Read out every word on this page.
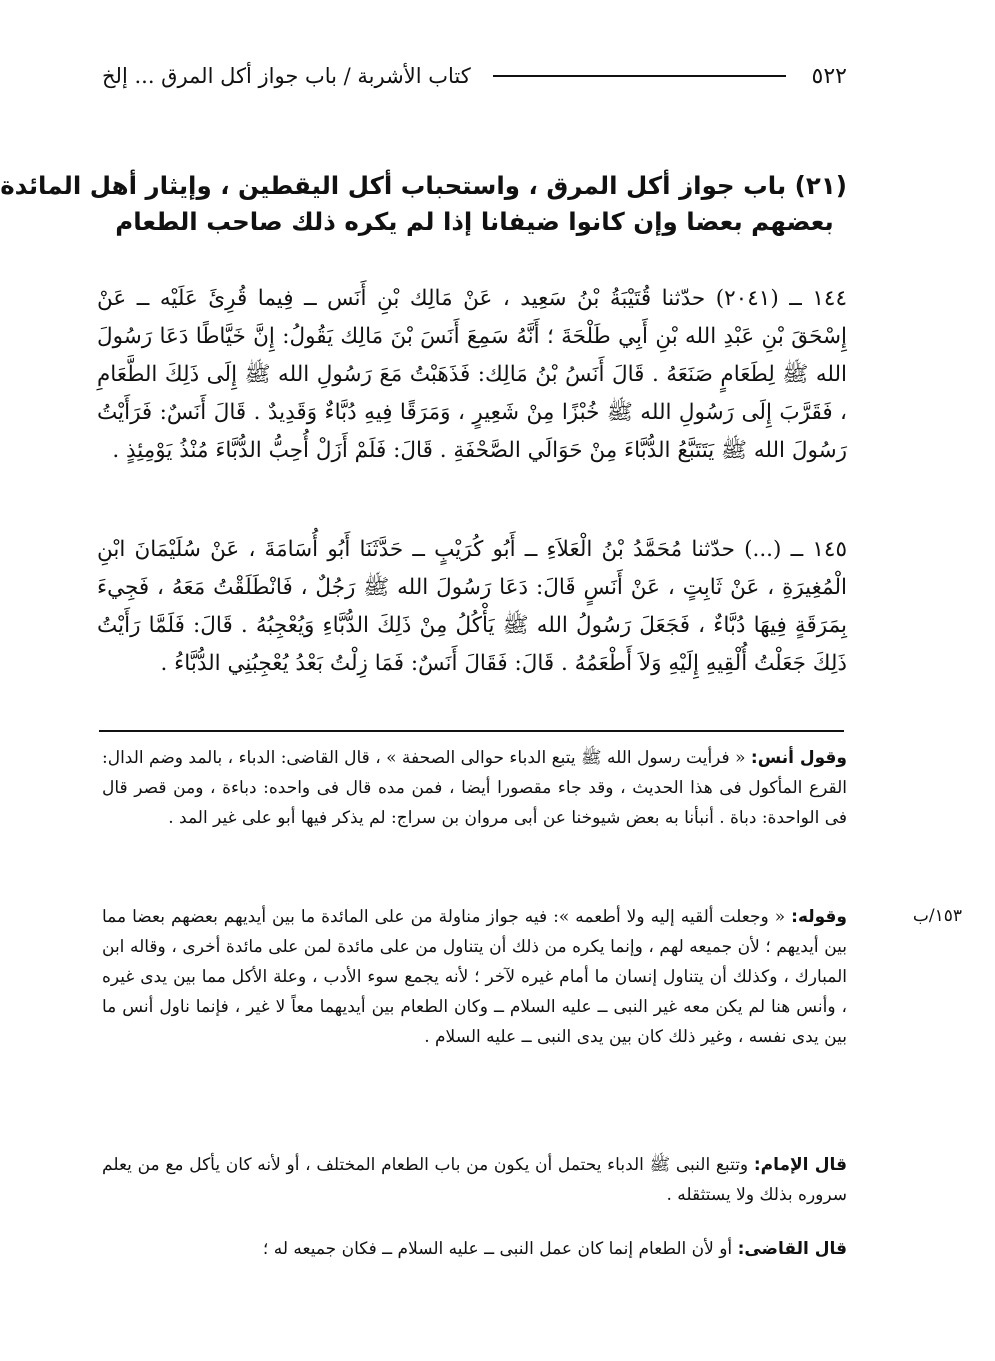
٥٢٢
كتاب الأشربة / باب جواز أكل المرق ... إلخ
(٢١) باب جواز أكل المرق ، واستحباب أكل اليقطين ، وإيثار أهل المائدة
بعضهم بعضا وإن كانوا ضيفانا إذا لم يكره ذلك صاحب الطعام

١٤٤ ــ (٢٠٤١) حدّثنا قُتَيْبَةُ بْنُ سَعِيد ، عَنْ مَالِك بْنِ أَنَس ــ فِيما قُرِئَ عَلَيْه ــ عَنْ إِسْحَقَ بْنِ عَبْدِ الله بْنِ أَبِي طَلْحَةَ ؛ أَنَّهُ سَمِعَ أَنَسَ بْنَ مَالِك يَقُولُ: إِنَّ خَيَّاطًا دَعَا رَسُولَ الله ﷺ لِطَعَامٍ صَنَعَهُ . قَالَ أَنَسُ بْنُ مَالِك: فَذَهَبْتُ مَعَ رَسُولِ الله ﷺ إِلَى ذَلِكَ الطَّعَامِ ، فَقَرَّبَ إِلَى رَسُولِ الله ﷺ خُبْزًا مِنْ شَعِيرٍ ، وَمَرَقًا فِيهِ دُبَّاءٌ وَقَدِيدٌ . قَالَ أَنَسٌ: فَرَأَيْتُ رَسُولَ الله ﷺ يَتَتَبَّعُ الدُّبَّاءَ مِنْ حَوَالَي الصَّحْفَةِ . قَالَ: فَلَمْ أَزَلْ أُحِبُّ الدُّبَّاءَ مُنْذُ يَوْمِئِذٍ .

١٤٥ ــ (...) حدّثنا مُحَمَّدُ بْنُ الْعَلاَءِ ــ أَبُو كُرَيْبٍ ــ حَدَّثَنَا أَبُو أُسَامَةَ ، عَنْ سُلَيْمَانَ ابْنِ الْمُغِيرَةِ ، عَنْ ثَابِتٍ ، عَنْ أَنَسٍ قَالَ: دَعَا رَسُولَ الله ﷺ رَجُلٌ ، فَانْطَلَقْتُ مَعَهُ ، فَجِيءَ بِمَرَقَةٍ فِيهَا دُبَّاءٌ ، فَجَعَلَ رَسُولُ الله ﷺ يَأْكُلُ مِنْ ذَلِكَ الدُّبَّاءِ وَيُعْجِبُهُ . قَالَ: فَلَمَّا رَأَيْتُ ذَلِكَ جَعَلْتُ أُلْقِيهِ إِلَيْهِ وَلاَ أَطْعَمُهُ . قَالَ: فَقَالَ أَنَسٌ: فَمَا زِلْتُ بَعْدُ يُعْجِبُنِي الدُّبَّاءُ .

وقول أنس: « فرأيت رسول الله ﷺ يتبع الدباء حوالى الصحفة » ، قال القاضى: الدباء ، بالمد وضم الدال: القرع المأكول فى هذا الحديث ، وقد جاء مقصورا أيضا ، فمن مده قال فى واحده: دباءة ، ومن قصر قال فى الواحدة: دباة . أنبأنا به بعض شيوخنا عن أبى مروان بن سراج: لم يذكر فيها أبو على غير المد .

١٥٣/ب

وقوله: « وجعلت ألقيه إليه ولا أطعمه »: فيه جواز مناولة من على المائدة ما بين أيديهم بعضهم بعضا مما بين أيديهم ؛ لأن جميعه لهم ، وإنما يكره من ذلك أن يتناول من على مائدة لمن على مائدة أخرى ، وقاله ابن المبارك ، وكذلك أن يتناول إنسان ما أمام غيره لآخر ؛ لأنه يجمع سوء الأدب ، وعلة الأكل مما بين يدى غيره ، وأنس هنا لم يكن معه غير النبى ــ عليه السلام ــ وكان الطعام بين أيديهما معاً لا غير ، فإنما ناول أنس ما بين يدى نفسه ، وغير ذلك كان بين يدى النبى ــ عليه السلام .

قال الإمام: وتتبع النبى ﷺ الدباء يحتمل أن يكون من باب الطعام المختلف ، أو لأنه كان يأكل مع من يعلم سروره بذلك ولا يستثقله .

قال القاضى: أو لأن الطعام إنما كان عمل النبى ــ عليه السلام ــ فكان جميعه له ؛
